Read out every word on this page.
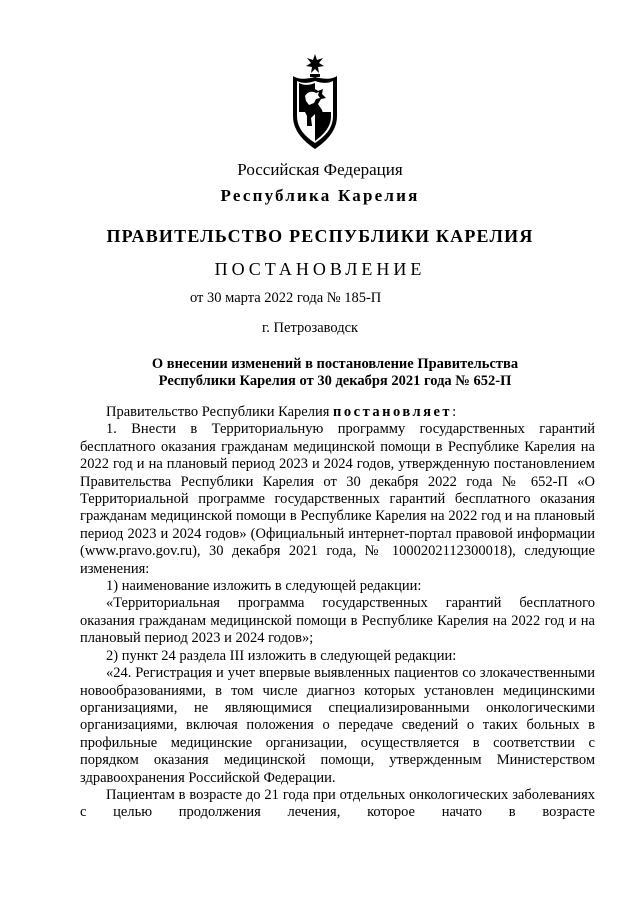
Российская Федерация
Республика Карелия
ПРАВИТЕЛЬСТВО РЕСПУБЛИКИ КАРЕЛИЯ
ПОСТАНОВЛЕНИЕ
от 30 марта 2022 года № 185-П
г. Петрозаводск
О внесении изменений в постановление Правительства
Республики Карелия от 30 декабря 2021 года № 652-П

Правительство Республики Карелия постановляет:

1. Внести в Территориальную программу государственных гарантий бесплатного оказания гражданам медицинской помощи в Республике Карелия на 2022 год и на плановый период 2023 и 2024 годов, утвержденную постановлением Правительства Республики Карелия от 30 декабря 2022 года № 652-П «О Территориальной программе государственных гарантий бесплатного оказания гражданам медицинской помощи в Республике Карелия на 2022 год и на плановый период 2023 и 2024 годов» (Официальный интернет-портал правовой информации (www.pravo.gov.ru), 30 декабря 2021 года, № 1000202112300018), следующие изменения:

1) наименование изложить в следующей редакции:

«Территориальная программа государственных гарантий бесплатного оказания гражданам медицинской помощи в Республике Карелия на 2022 год и на плановый период 2023 и 2024 годов»;

2) пункт 24 раздела III изложить в следующей редакции:

«24. Регистрация и учет впервые выявленных пациентов со злокачественными новообразованиями, в том числе диагноз которых установлен медицинскими организациями, не являющимися специализированными онкологическими организациями, включая положения о передаче сведений о таких больных в профильные медицинские организации, осуществляется в соответствии с порядком оказания медицинской помощи, утвержденным Министерством здравоохранения Российской Федерации.

Пациентам в возрасте до 21 года при отдельных онкологических заболеваниях с целью продолжения лечения, которое начато в возрасте
